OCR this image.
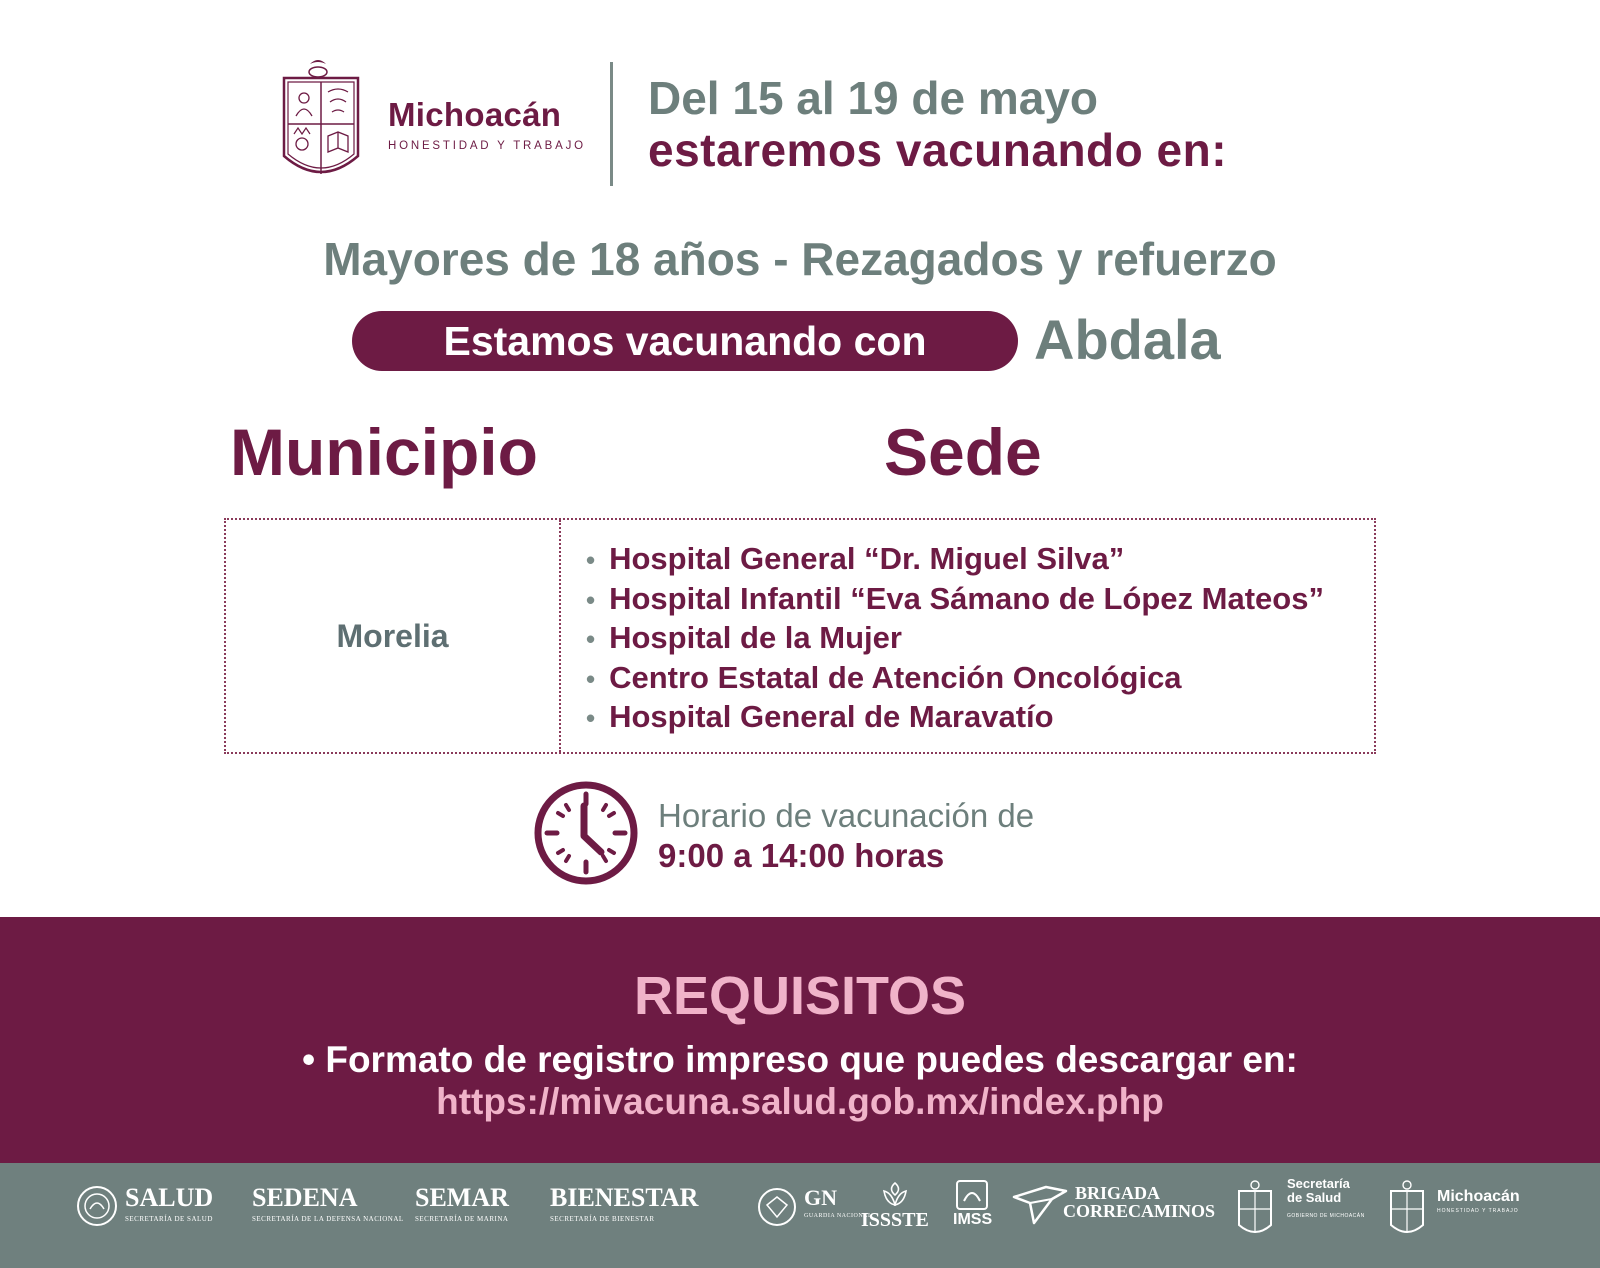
Michoacán
HONESTIDAD Y TRABAJO
Del 15 al 19 de mayo
estaremos vacunando en:
Mayores de 18 años - Rezagados y refuerzo
Estamos vacunando con	Abdala
Municipio	Sede
Morelia
• Hospital General “Dr. Miguel Silva”
• Hospital Infantil “Eva Sámano de López Mateos”
• Hospital de la Mujer
• Centro Estatal de Atención Oncológica
• Hospital General de Maravatío
Horario de vacunación de
9:00 a 14:00 horas
REQUISITOS
• Formato de registro impreso que puedes descargar en:
https://mivacuna.salud.gob.mx/index.php
SALUD
SECRETARÍA DE SALUD
SEDENA
SECRETARÍA DE LA DEFENSA NACIONAL
SEMAR
SECRETARÍA DE MARINA
BIENESTAR
SECRETARÍA DE BIENESTAR
GN
GUARDIA NACIONAL
ISSSTE IMSS
BRIGADA
CORRECAMINOS
Secretaría
de Salud
GOBIERNO DE MICHOACÁN
Michoacán
HONESTIDAD Y TRABAJO
